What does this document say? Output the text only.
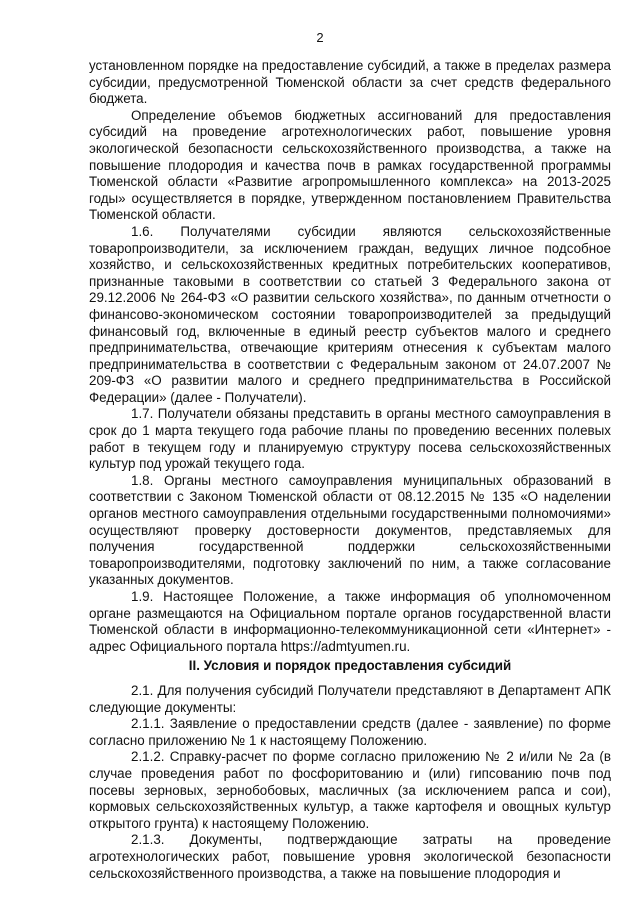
2

установленном порядке на предоставление субсидий, а также в пределах размера субсидии, предусмотренной Тюменской области за счет средств федерального бюджета.

Определение объемов бюджетных ассигнований для предоставления субсидий на проведение агротехнологических работ, повышение уровня экологической безопасности сельскохозяйственного производства, а также на повышение плодородия и качества почв в рамках государственной программы Тюменской области «Развитие агропромышленного комплекса» на 2013-2025 годы» осуществляется в порядке, утвержденном постановлением Правительства Тюменской области.

1.6. Получателями субсидии являются сельскохозяйственные товаропроизводители, за исключением граждан, ведущих личное подсобное хозяйство, и сельскохозяйственных кредитных потребительских кооперативов, признанные таковыми в соответствии со статьей 3 Федерального закона от 29.12.2006 № 264-ФЗ «О развитии сельского хозяйства», по данным отчетности о финансово-экономическом состоянии товаропроизводителей за предыдущий финансовый год, включенные в единый реестр субъектов малого и среднего предпринимательства, отвечающие критериям отнесения к субъектам малого предпринимательства в соответствии с Федеральным законом от 24.07.2007 № 209-ФЗ «О развитии малого и среднего предпринимательства в Российской Федерации» (далее - Получатели).

1.7. Получатели обязаны представить в органы местного самоуправления в срок до 1 марта текущего года рабочие планы по проведению весенних полевых работ в текущем году и планируемую структуру посева сельскохозяйственных культур под урожай текущего года.

1.8. Органы местного самоуправления муниципальных образований в соответствии с Законом Тюменской области от 08.12.2015 № 135 «О наделении органов местного самоуправления отдельными государственными полномочиями» осуществляют проверку достоверности документов, представляемых для получения государственной поддержки сельскохозяйственными товаропроизводителями, подготовку заключений по ним, а также согласование указанных документов.

1.9. Настоящее Положение, а также информация об уполномоченном органе размещаются на Официальном портале органов государственной власти Тюменской области в информационно-телекоммуникационной сети «Интернет» - адрес Официального портала https://admtyumen.ru.

II. Условия и порядок предоставления субсидий

2.1. Для получения субсидий Получатели представляют в Департамент АПК следующие документы:

2.1.1. Заявление о предоставлении средств (далее - заявление) по форме согласно приложению № 1 к настоящему Положению.

2.1.2. Справку-расчет по форме согласно приложению № 2 и/или № 2а (в случае проведения работ по фосфоритованию и (или) гипсованию почв под посевы зерновых, зернобобовых, масличных (за исключением рапса и сои), кормовых сельскохозяйственных культур, а также картофеля и овощных культур открытого грунта) к настоящему Положению.

2.1.3. Документы, подтверждающие затраты на проведение агротехнологических работ, повышение уровня экологической безопасности сельскохозяйственного производства, а также на повышение плодородия и
